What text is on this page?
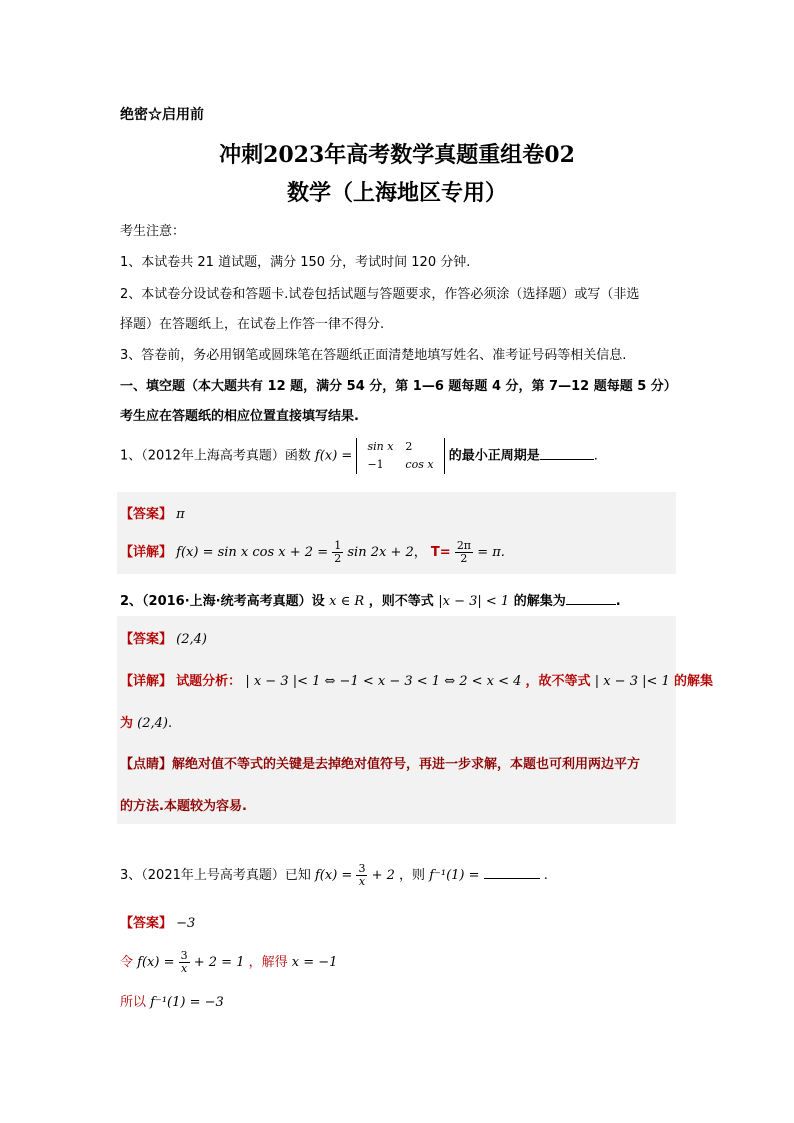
绝密☆启用前
冲刺2023年高考数学真题重组卷02
数学（上海地区专用）
考生注意：
1、本试卷共 21 道试题，满分 150 分，考试时间 120 分钟.
2、本试卷分设试卷和答题卡.试卷包括试题与答题要求，作答必须涂（选择题）或写（非选
择题）在答题纸上，在试卷上作答一律不得分.
3、答卷前，务必用钢笔或圆珠笔在答题纸正面清楚地填写姓名、准考证号码等相关信息.
一、填空题（本大题共有 12 题，满分 54 分，第 1—6 题每题 4 分，第 7—12 题每题 5 分）
考生应在答题纸的相应位置直接填写结果.
1、（2012年上海高考真题）函数 f(x) =
sin x	2
−1	cos x
的最小正周期是	.
【答案】 π
【详解】 f(x) = sin x $\cos x + 2 = \frac{1}{2}$ sin 2x + 2， $T= \frac{2\pi}{2} = \pi$.
2、（2016·上海·统考高考真题）设 x ∈ R ，则不等式 |x − 3| < 1 的解集为	.
【答案】 (2,4)
【详解】 试题分析： | x − 3 |< 1 ⇔ −1 < x − 3 < 1 ⇔ 2 < x < 4 ，故不等式 | x − 3 |< 1 的解集
为 (2,4).
【点睛】解绝对值不等式的关键是去掉绝对值符号，再进一步求解，本题也可利用两边平方
的方法.本题较为容易.
3、（2021年上号高考真题）已知 $f(x) = \frac{3}{x} + 2$ ，则 f⁻¹(1) =	.
【答案】 −3
令 $f(x) = \frac{3}{x} + 2 = 1$ ，解得 x = −1
所以 f⁻¹(1) = −3
